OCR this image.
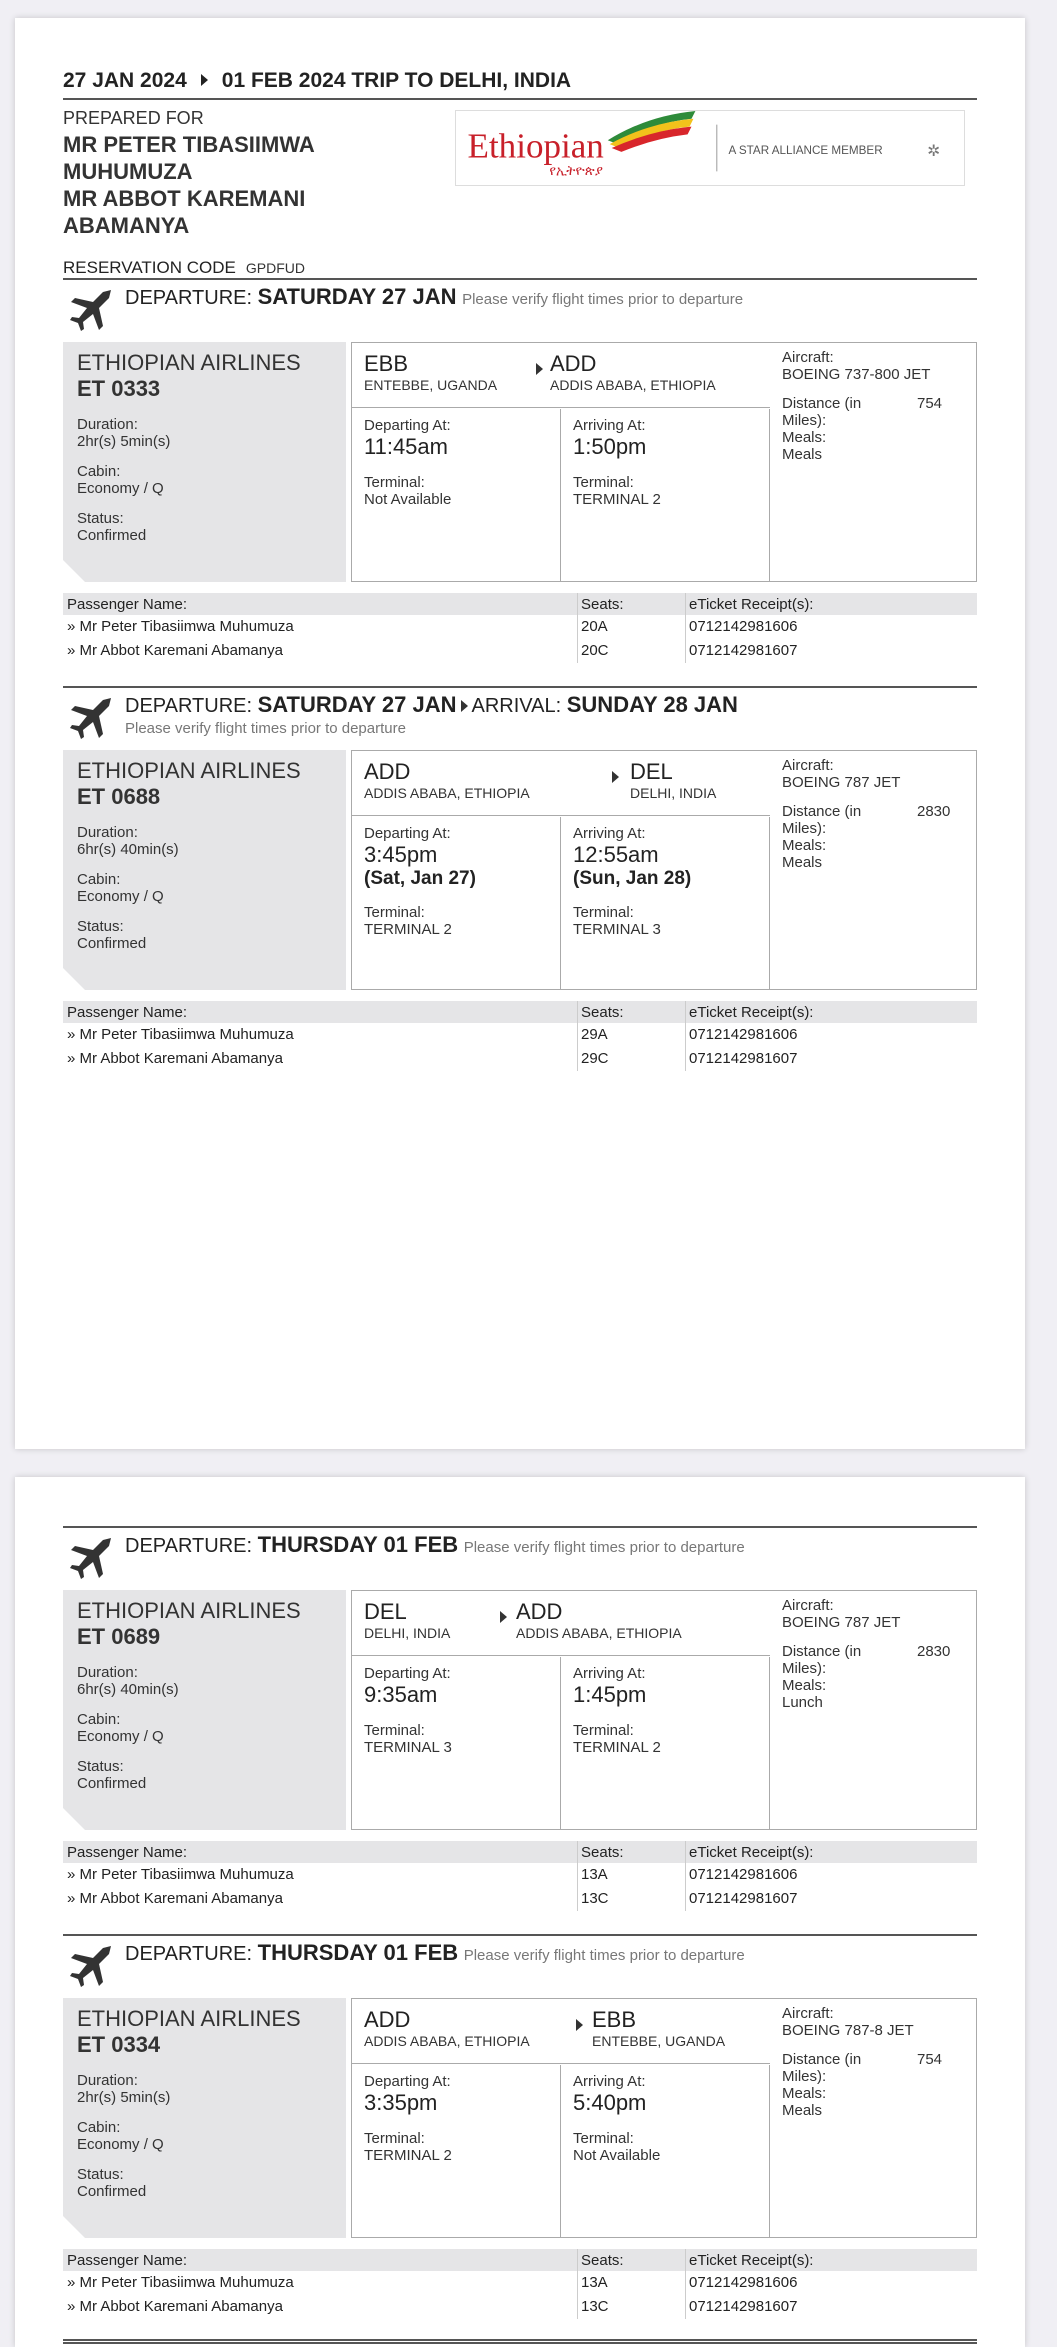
27 JAN 2024 01 FEB 2024 TRIP TO DELHI, INDIA
PREPARED FOR
MR PETER TIBASIIMWA MUHUMUZA
MR ABBOT KAREMANI ABAMANYA
Ethiopian
የኢትዮጵያ
A STAR ALLIANCE MEMBER	✲
RESERVATION CODE GPDFUD
DEPARTURE: SATURDAY 27 JAN Please verify flight times prior to departure
ETHIOPIAN AIRLINES
ET 0333
Duration:
2hr(s) 5min(s)
Cabin:
Economy / Q
Status:
Confirmed
EBB
ENTEBBE, UGANDA
ADD
ADDIS ABABA, ETHIOPIA
Departing At:
11:45am
Terminal:
Not Available
Arriving At:
1:50pm
Terminal:
TERMINAL 2
Aircraft:
BOEING 737-800 JET
Distance (in Miles):
754
Meals:
Meals
Passenger Name:	Seats:	eTicket Receipt(s):
» Mr Peter Tibasiimwa Muhumuza	20A	0712142981606
» Mr Abbot Karemani Abamanya	20C	0712142981607
DEPARTURE: SATURDAY 27 JAN ARRIVAL: SUNDAY 28 JAN
Please verify flight times prior to departure
ETHIOPIAN AIRLINES
ET 0688
Duration:
6hr(s) 40min(s)
Cabin:
Economy / Q
Status:
Confirmed
ADD
ADDIS ABABA, ETHIOPIA
DEL
DELHI, INDIA
Departing At:
3:45pm
(Sat, Jan 27)
Terminal:
TERMINAL 2
Arriving At:
12:55am
(Sun, Jan 28)
Terminal:
TERMINAL 3
Aircraft:
BOEING 787 JET
Distance (in Miles):
2830
Meals:
Meals
Passenger Name:	Seats:	eTicket Receipt(s):
» Mr Peter Tibasiimwa Muhumuza	29A	0712142981606
» Mr Abbot Karemani Abamanya	29C	0712142981607
DEPARTURE: THURSDAY 01 FEB Please verify flight times prior to departure
ETHIOPIAN AIRLINES
ET 0689
Duration:
6hr(s) 40min(s)
Cabin:
Economy / Q
Status:
Confirmed
DEL
DELHI, INDIA
ADD
ADDIS ABABA, ETHIOPIA
Departing At:
9:35am
Terminal:
TERMINAL 3
Arriving At:
1:45pm
Terminal:
TERMINAL 2
Aircraft:
BOEING 787 JET
Distance (in Miles):
2830
Meals:
Lunch
Passenger Name:	Seats:	eTicket Receipt(s):
» Mr Peter Tibasiimwa Muhumuza	13A	0712142981606
» Mr Abbot Karemani Abamanya	13C	0712142981607
DEPARTURE: THURSDAY 01 FEB Please verify flight times prior to departure
ETHIOPIAN AIRLINES
ET 0334
Duration:
2hr(s) 5min(s)
Cabin:
Economy / Q
Status:
Confirmed
ADD
ADDIS ABABA, ETHIOPIA
EBB
ENTEBBE, UGANDA
Departing At:
3:35pm
Terminal:
TERMINAL 2
Arriving At:
5:40pm
Terminal:
Not Available
Aircraft:
BOEING 787-8 JET
Distance (in Miles):
754
Meals:
Meals
Passenger Name:	Seats:	eTicket Receipt(s):
» Mr Peter Tibasiimwa Muhumuza	13A	0712142981606
» Mr Abbot Karemani Abamanya	13C	0712142981607
